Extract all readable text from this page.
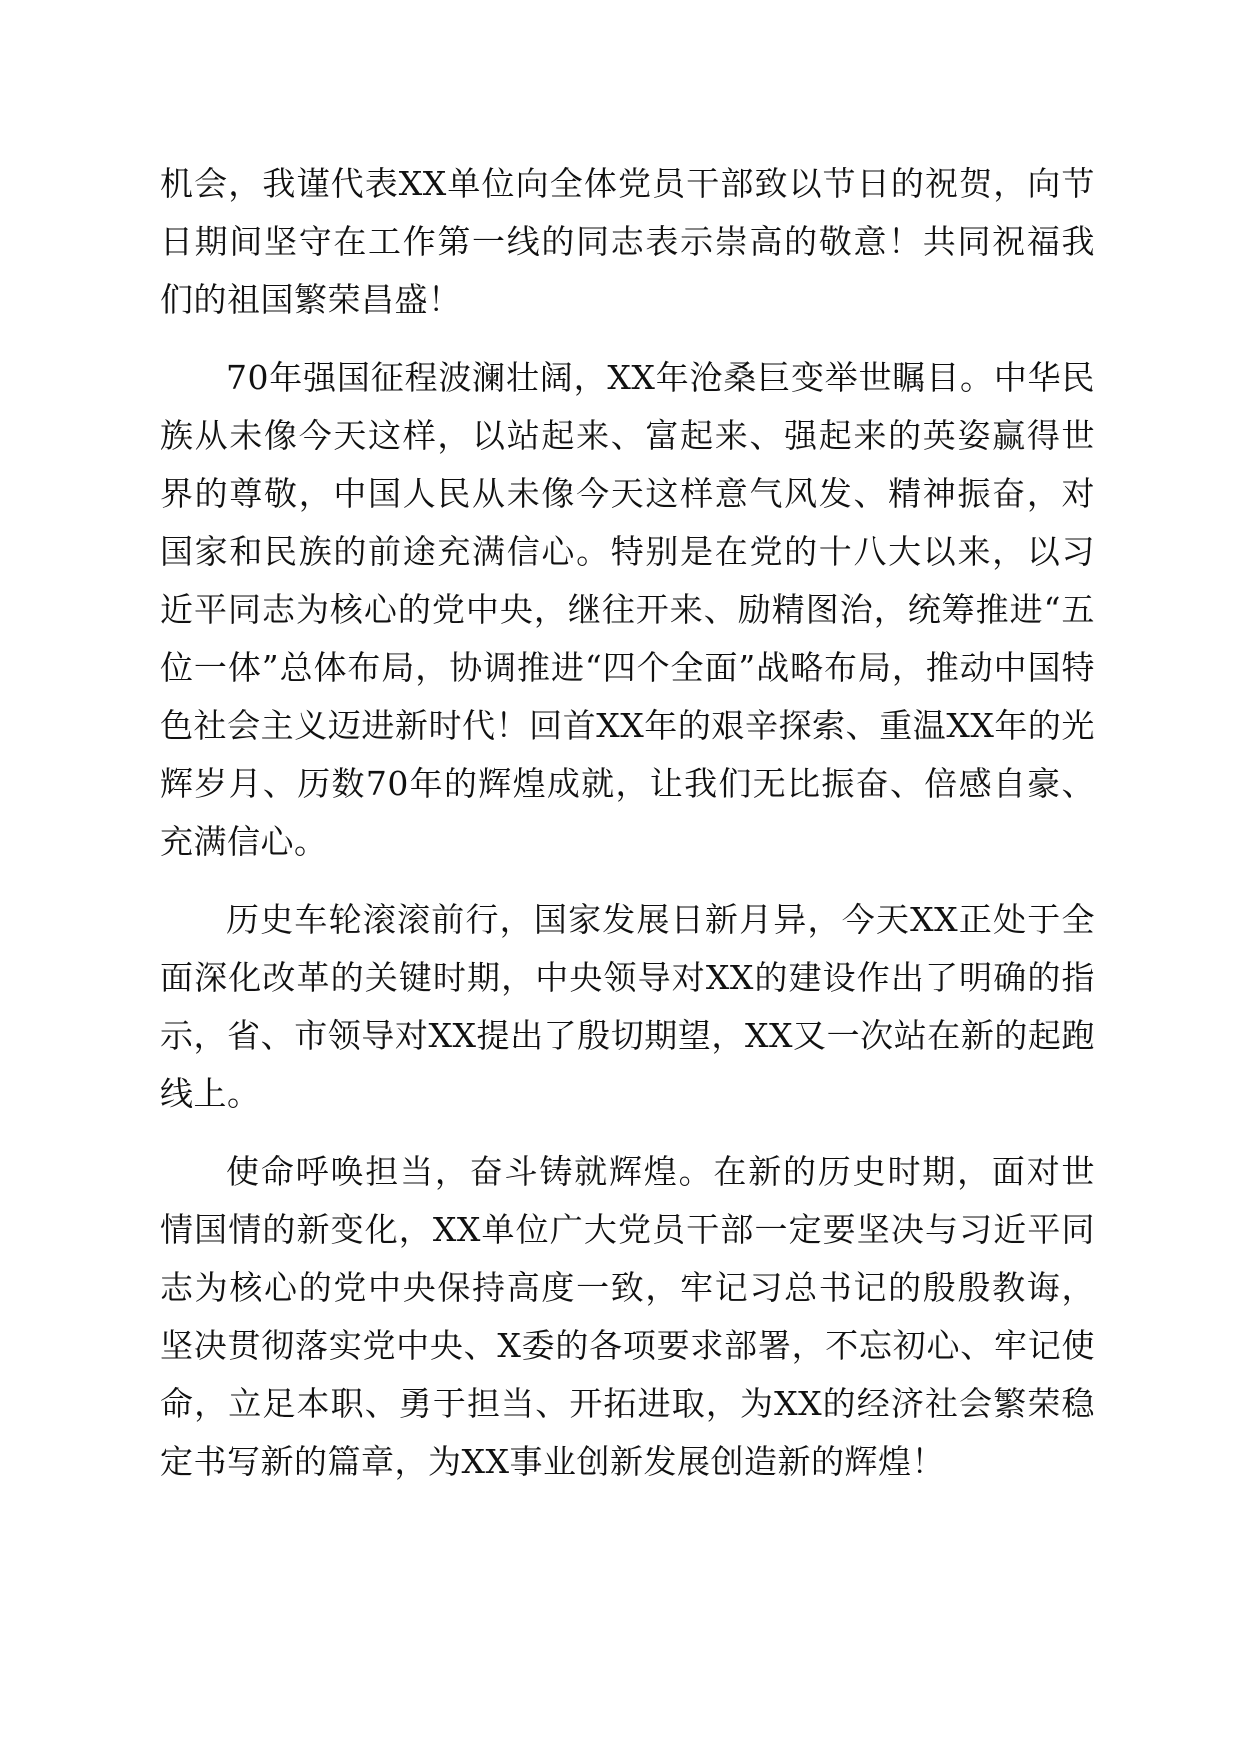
机会，我谨代表XX单位向全体党员干部致以节日的祝贺，向节日期间坚守在工作第一线的同志表示崇高的敬意！共同祝福我们的祖国繁荣昌盛！

70年强国征程波澜壮阔，XX年沧桑巨变举世瞩目。中华民族从未像今天这样，以站起来、富起来、强起来的英姿赢得世界的尊敬，中国人民从未像今天这样意气风发、精神振奋，对国家和民族的前途充满信心。特别是在党的十八大以来，以习近平同志为核心的党中央，继往开来、励精图治，统筹推进“五位一体”总体布局，协调推进“四个全面”战略布局，推动中国特色社会主义迈进新时代！回首XX年的艰辛探索、重温XX年的光辉岁月、历数70年的辉煌成就，让我们无比振奋、倍感自豪、充满信心。

历史车轮滚滚前行，国家发展日新月异，今天XX正处于全面深化改革的关键时期，中央领导对XX的建设作出了明确的指示，省、市领导对XX提出了殷切期望，XX又一次站在新的起跑线上。

使命呼唤担当，奋斗铸就辉煌。在新的历史时期，面对世情国情的新变化，XX单位广大党员干部一定要坚决与习近平同志为核心的党中央保持高度一致，牢记习总书记的殷殷教诲，坚决贯彻落实党中央、X委的各项要求部署，不忘初心、牢记使命，立足本职、勇于担当、开拓进取，为XX的经济社会繁荣稳定书写新的篇章，为XX事业创新发展创造新的辉煌！
